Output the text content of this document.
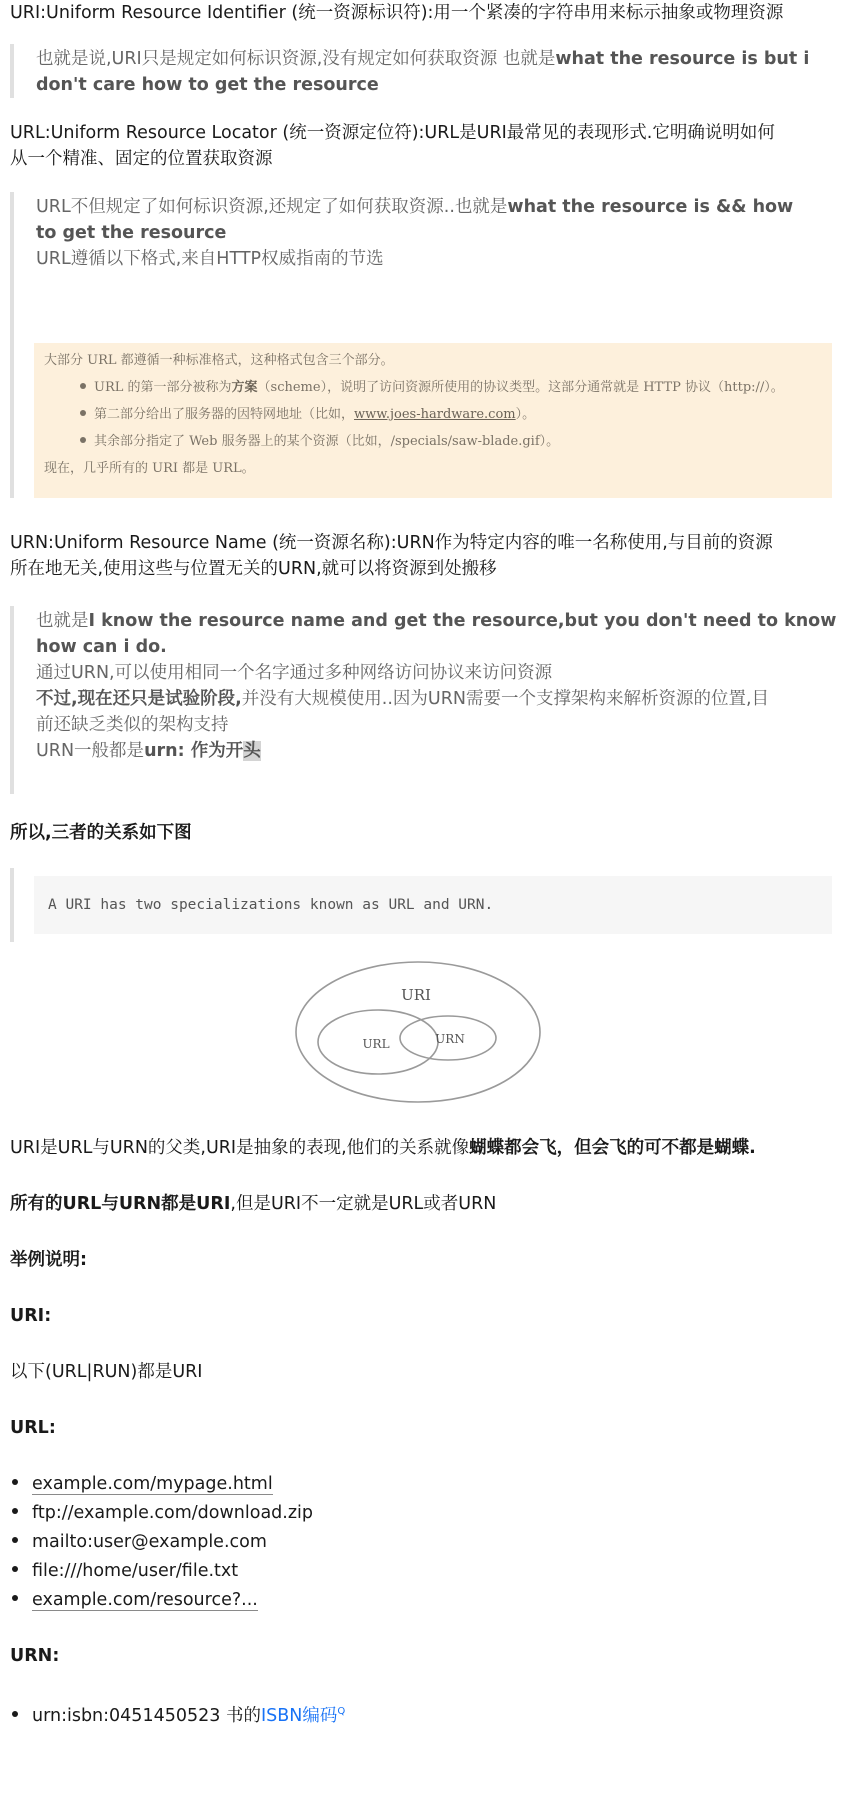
URI:Uniform Resource Identifier (统一资源标识符):用一个紧凑的字符串用来标示抽象或物理资源
也就是说,URI只是规定如何标识资源,没有规定如何获取资源 也就是what the resource is but i
don't care how to get the resource
URL:Uniform Resource Locator (统一资源定位符):URL是URI最常见的表现形式.它明确说明如何
从一个精准、固定的位置获取资源
URL不但规定了如何标识资源,还规定了如何获取资源..也就是what the resource is && how
to get the resource
URL遵循以下格式,来自HTTP权威指南的节选
大部分 URL 都遵循一种标准格式，这种格式包含三个部分。
URL 的第一部分被称为方案（scheme），说明了访问资源所使用的协议类型。这部分通常就是 HTTP 协议（http://）。
第二部分给出了服务器的因特网地址（比如，www.joes-hardware.com）。
其余部分指定了 Web 服务器上的某个资源（比如，/specials/saw-blade.gif）。
现在，几乎所有的 URI 都是 URL。
URN:Uniform Resource Name (统一资源名称):URN作为特定内容的唯一名称使用,与目前的资源
所在地无关,使用这些与位置无关的URN,就可以将资源到处搬移
也就是I know the resource name and get the resource,but you don't need to know
how can i do.
通过URN,可以使用相同一个名字通过多种网络访问协议来访问资源
不过,现在还只是试验阶段,并没有大规模使用..因为URN需要一个支撑架构来解析资源的位置,目
前还缺乏类似的架构支持
URN一般都是urn: 作为开头
所以,三者的关系如下图
A URI has two specializations known as URL and URN.
URI
URL	URN
URI是URL与URN的父类,URI是抽象的表现,他们的关系就像蝴蝶都会飞，但会飞的可不都是蝴蝶.
所有的URL与URN都是URI,但是URI不一定就是URL或者URN
举例说明:
URI:
以下(URL|RUN)都是URI
URL:
example.com/mypage.html
ftp://example.com/download.zip
mailto:user@example.com
file:///home/user/file.txt
example.com/resource?...
URN:
urn:isbn:0451450523 书的ISBN编码$^Q$
